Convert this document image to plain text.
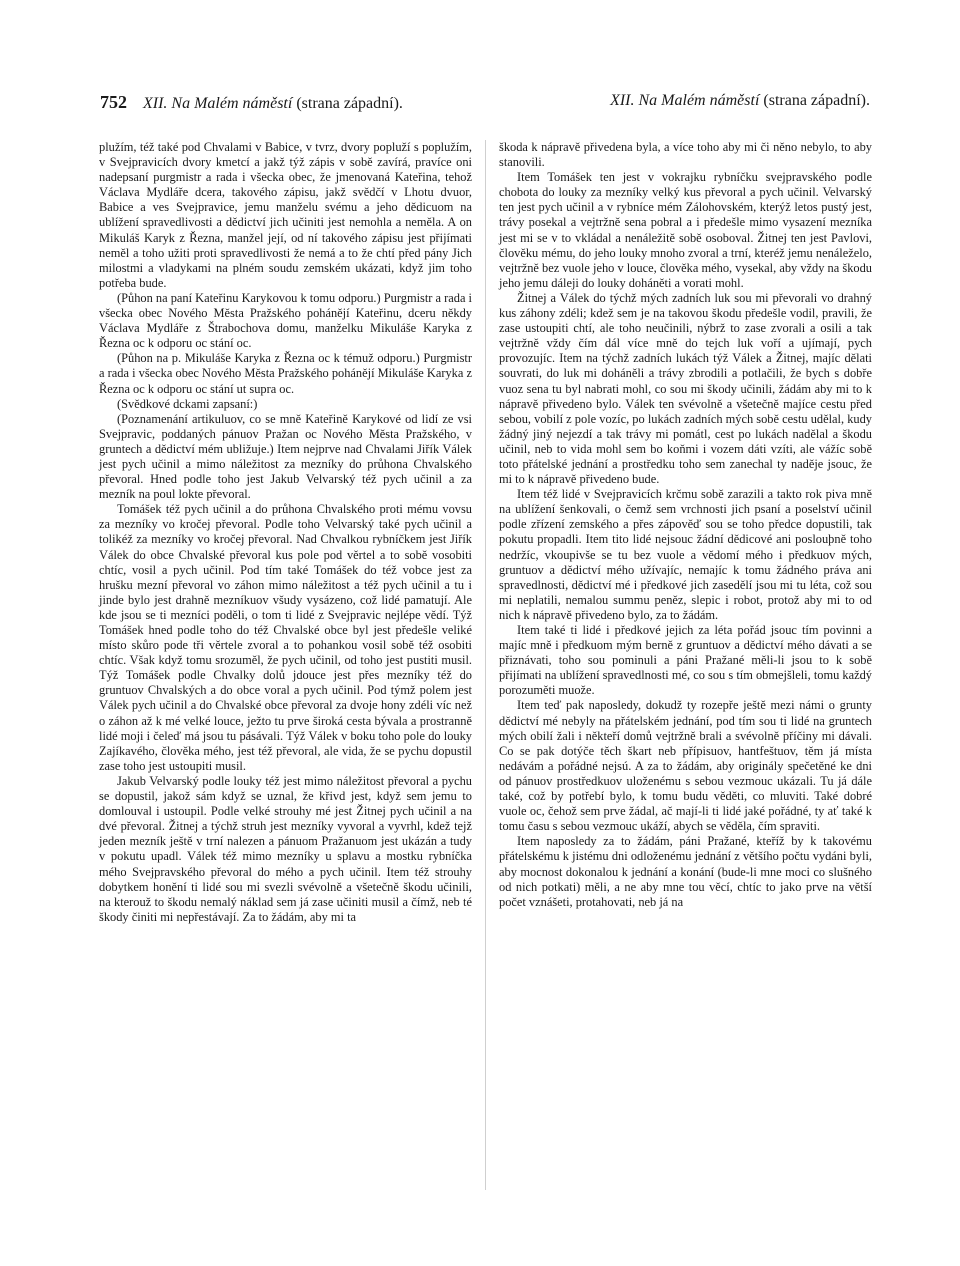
752 XII. Na Malém náměstí (strana západní).	XII. Na Malém náměstí (strana západní).

plužím, též také pod Chvalami v Babice, v tvrz, dvory popluží s poplužím, v Svejpravicích dvory kmetcí a jakž týž zápis v sobě zavírá, pravíce oni nadepsaní purgmistr a rada i všecka obec, že jmenovaná Kateřina, tehož Václava Mydláře dcera, takového zápisu, jakž svědčí v Lhotu dvuor, Babice a ves Svejpravice, jemu manželu svému a jeho dědicuom na ublížení spravedlivosti a dědictví jich učiniti jest nemohla a neměla. A on Mikuláš Karyk z Řezna, manžel její, od ní takového zápisu jest přijímati neměl a toho užiti proti spravedlivosti že nemá a to že chtí před pány Jich milostmi a vladykami na plném soudu zemském ukázati, když jim toho potřeba bude.

(Půhon na paní Kateřinu Karykovou k tomu odporu.) Purgmistr a rada i všecka obec Nového Města Pražského pohánějí Kateřinu, dceru někdy Václava Mydláře z Štrabochova domu, manželku Mikuláše Karyka z Řezna oc k odporu oc stání oc.

(Půhon na p. Mikuláše Karyka z Řezna oc k témuž odporu.) Purgmistr a rada i všecka obec Nového Města Pražského pohánějí Mikuláše Karyka z Řezna oc k odporu oc stání ut supra oc.

(Svědkové dckami zapsaní:)

(Poznamenání artikuluov, co se mně Kateřině Karykové od lidí ze vsi Svejpravic, poddaných pánuov Pražan oc Nového Města Pražského, v gruntech a dědictví mém ubližuje.) Item nejprve nad Chvalami Jiřík Válek jest pych učinil a mimo náležitost za mezníky do průhona Chvalského převoral. Hned podle toho jest Jakub Velvarský též pych učinil a za mezník na poul lokte převoral.

Tomášek též pych učinil a do průhona Chvalského proti mému vovsu za mezníky vo kročej převoral. Podle toho Velvarský také pych učinil a tolikéž za mezníky vo kročej převoral. Nad Chvalkou rybníčkem jest Jiřík Válek do obce Chvalské převoral kus pole pod věrtel a to sobě vosobiti chtíc, vosil a pych učinil. Pod tím také Tomášek do též vobce jest za hrušku mezní převoral vo záhon mimo náležitost a též pych učinil a tu i jinde bylo jest drahně mezníkuov všudy vysázeno, což lidé pamatují. Ale kde jsou se ti mezníci poděli, o tom ti lidé z Svejpravic nejlépe vědí. Týž Tomášek hned podle toho do též Chvalské obce byl jest předešle veliké místo skůro pode tři věrtele zvoral a to pohankou vosil sobě též osobiti chtíc. Však když tomu srozuměl, že pych učinil, od toho jest pustiti musil. Týž Tomášek podle Chvalky dolů jdouce jest přes mezníky též do gruntuov Chvalských a do obce voral a pych učinil. Pod týmž polem jest Válek pych učinil a do Chvalské obce převoral za dvoje hony zdéli víc než o záhon až k mé velké louce, ježto tu prve široká cesta bývala a prostranně lidé moji i čeleď má jsou tu pásávali. Týž Válek v boku toho pole do louky Zajíkavého, člověka mého, jest též převoral, ale vida, že se pychu dopustil zase toho jest ustoupiti musil.

Jakub Velvarský podle louky též jest mimo náležitost převoral a pychu se dopustil, jakož sám když se uznal, že křivd jest, když sem jemu to domlouval i ustoupil. Podle velké strouhy mé jest Žitnej pych učinil a na dvé převoral. Žitnej a týchž struh jest mezníky vyvoral a vyvrhl, kdež tejž jeden mezník ještě v trní nalezen a pánuom Pražanuom jest ukázán a tudy v pokutu upadl. Válek též mimo mezníky u splavu a mostku rybníčka mého Svejpravského převoral do mého a pych učinil. Item též strouhy dobytkem honění ti lidé sou mi svezli svévolně a všetečně škodu učinili, na kterouž to škodu nemalý náklad sem já zase učiniti musil a čímž, neb té škody činiti mi nepřestávají. Za to žádám, aby mi ta

škoda k nápravě přivedena byla, a více toho aby mi či něno nebylo, to aby stanovili.

Item Tomášek ten jest v vokrajku rybníčku svejpravského podle chobota do louky za mezníky velký kus převoral a pych učinil. Velvarský ten jest pych učinil a v rybníce mém Zálohovském, kterýž letos pustý jest, trávy posekal a vejtržně sena pobral a i předešle mimo vysazení mezníka jest mi se v to vkládal a nenáležitě sobě osoboval. Žitnej ten jest Pavlovi, člověku mému, do jeho louky mnoho zvoral a trní, kteréž jemu nenáleželo, vejtržně bez vuole jeho v louce, člověka mého, vysekal, aby vždy na škodu jeho jemu dáleji do louky doháněti a vorati mohl.

Žitnej a Válek do týchž mých zadních luk sou mi převorali vo drahný kus záhony zdéli; kdež sem je na takovou škodu předešle vodil, pravili, že zase ustoupiti chtí, ale toho neučinili, nýbrž to zase zvorali a osili a tak vejtržně vždy čím dál více mně do tejch luk voří a ujímají, pych provozujíc. Item na týchž zadních lukách týž Válek a Žitnej, majíc dělati souvrati, do luk mi doháněli a trávy zbrodili a potlačili, že bych s dobře vuoz sena tu byl nabrati mohl, co sou mi škody učinili, žádám aby mi to k nápravě přivedeno bylo. Válek ten svévolně a všetečně majíce cestu před sebou, vobilí z pole vozíc, po lukách zadních mých sobě cestu udělal, kudy žádný jiný nejezdí a tak trávy mi pomátl, cest po lukách nadělal a škodu učinil, neb to vida mohl sem bo koňmi i vozem dáti vzíti, ale vážíc sobě toto přátelské jednání a prostředku toho sem zanechal ty naděje jsouc, že mi to k nápravě přivedeno bude.

Item též lidé v Svejpravicích krčmu sobě zarazili a takto rok piva mně na ublížení šenkovali, o čemž sem vrchnosti jich psaní a poselství učinil podle zřízení zemského a přes zápověď sou se toho předce dopustili, tak pokutu propadli. Item tito lidé nejsouc žádní dědicové ani poslouþně toho nedržíc, vkoupivše se tu bez vuole a vědomí mého i předkuov mých, gruntuov a dědictví mého užívajíc, nemajíc k tomu žádného práva ani spravedlnosti, dědictví mé i předkové jich zasedělí jsou mi tu léta, což sou mi neplatili, nemalou summu peněz, slepic i robot, protož aby mi to od nich k nápravě přivedeno bylo, za to žádám.

Item také ti lidé i předkové jejich za léta pořád jsouc tím povinni a majíc mně i předkuom mým berně z gruntuov a dědictví mého dávati a se přiznávati, toho sou pominuli a páni Pražané měli-li jsou to k sobě přijímati na ublížení spravedlnosti mé, co sou s tím obmejšleli, tomu každý porozuměti muože.

Item teď pak naposledy, dokudž ty rozepře ještě mezi námi o grunty dědictví mé nebyly na přátelském jednání, pod tím sou ti lidé na gruntech mých obilí žali i někteří domů vejtržně brali a svévolně příčiny mi dávali. Co se pak dotýče těch škart neb přípisuov, hantfeštuov, těm já místa nedávám a pořádné nejsú. A za to žádám, aby originály spečetěné ke dni od pánuov prostředkuov uloženému s sebou vezmouc ukázali. Tu já dále také, což by potřebí bylo, k tomu budu věděti, co mluviti. Také dobré vuole oc, čehož sem prve žádal, ač mají-li ti lidé jaké pořádné, ty ať také k tomu času s sebou vezmouc ukáží, abych se věděla, čím spraviti.

Item naposledy za to žádám, páni Pražané, kteříž by k takovému přátelskému k jistému dni odloženému jednání z většího počtu vydáni byli, aby mocnost dokonalou k jednání a konání (bude-li mne moci co slušného od nich potkati) měli, a ne aby mne tou věcí, chtíc to jako prve na větší počet vznášeti, protahovati, neb já na
